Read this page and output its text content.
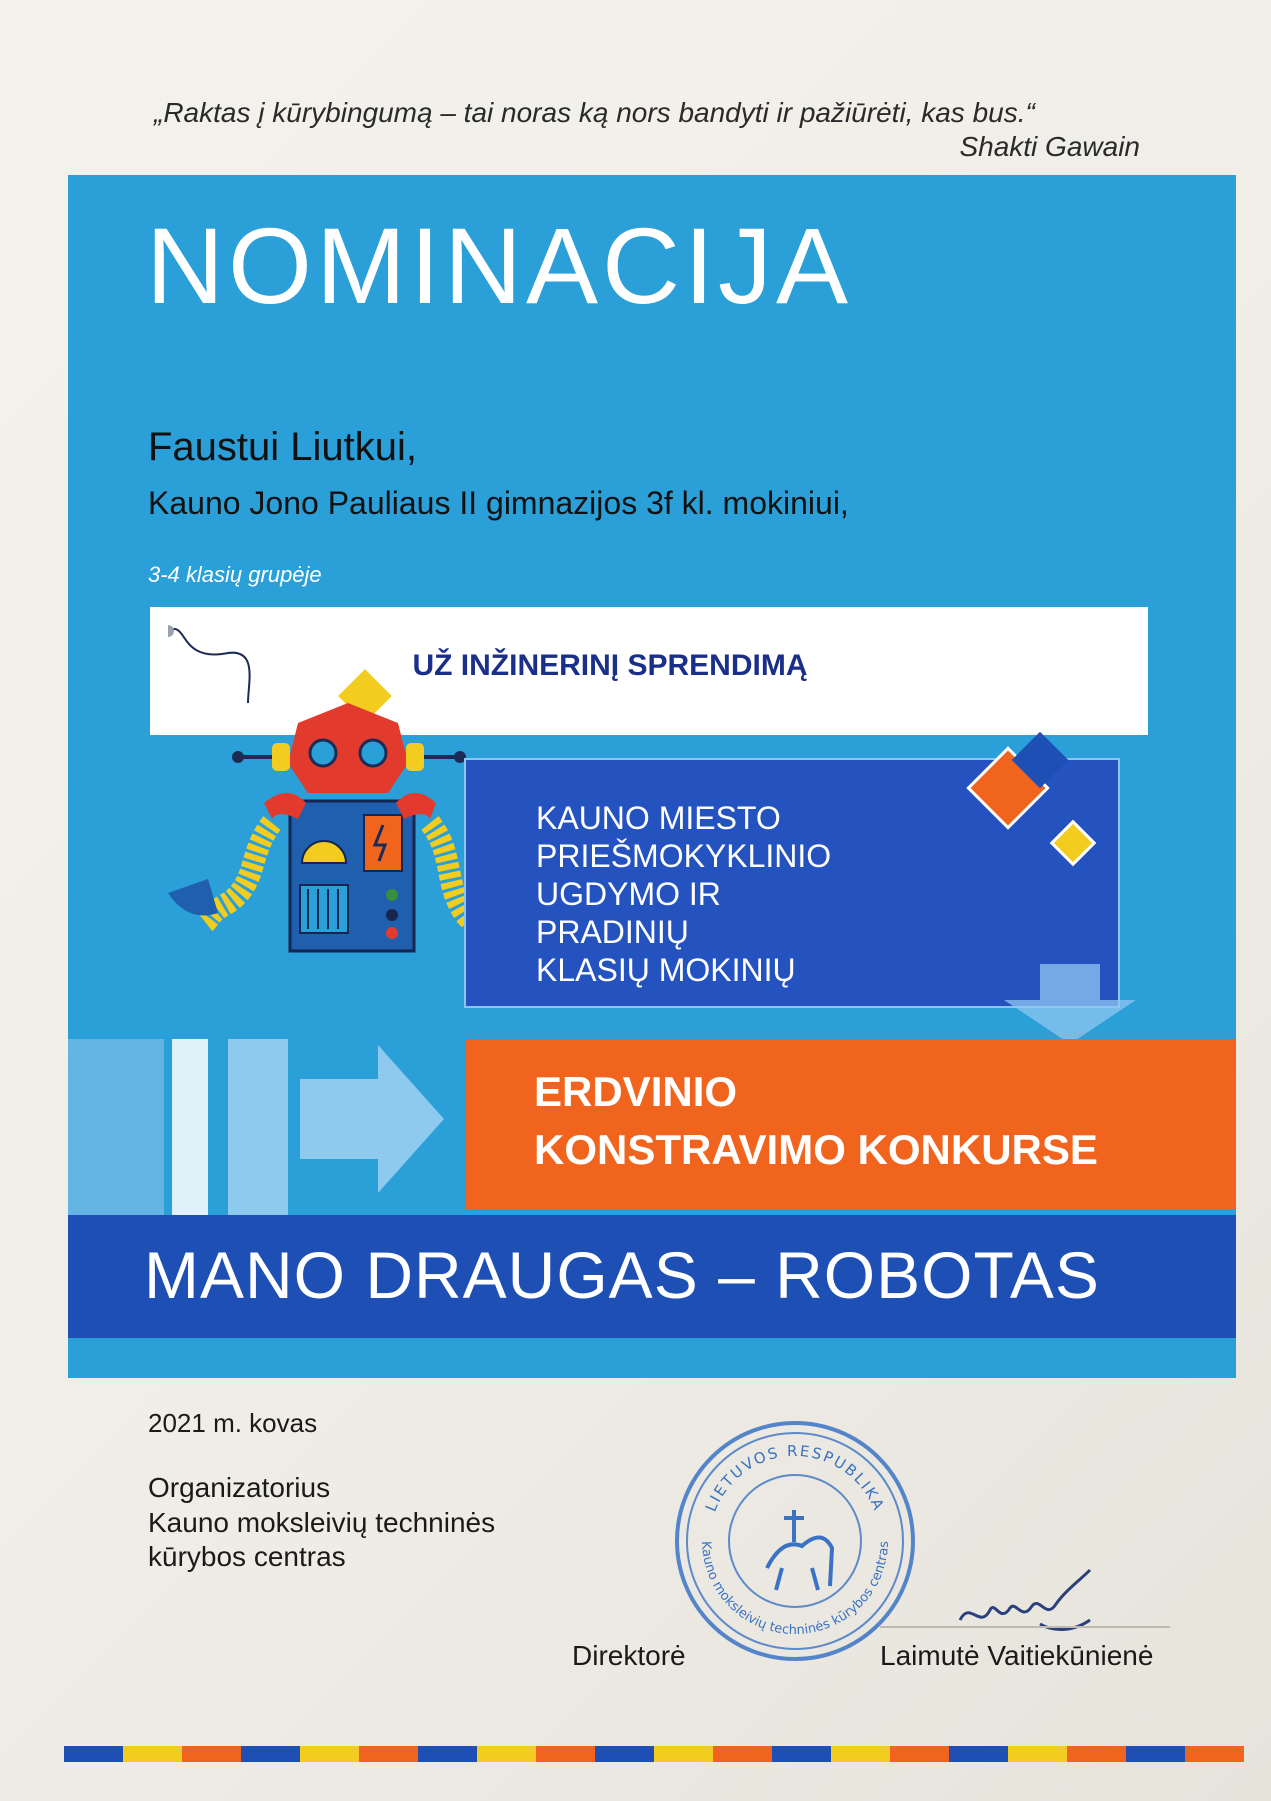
„Raktas į kūrybingumą – tai noras ką nors bandyti ir pažiūrėti, kas bus.“
Shakti Gawain
NOMINACIJA
Faustui Liutkui,
Kauno Jono Pauliaus II gimnazijos 3f kl. mokiniui,
3-4 klasių grupėje
UŽ INŽINERINĮ SPRENDIMĄ
KAUNO MIESTO
PRIEŠMOKYKLINIO
UGDYMO IR
PRADINIŲ
KLASIŲ MOKINIŲ
ERDVINIO
KONSTRAVIMO KONKURSE
MANO DRAUGAS – ROBOTAS
2021 m. kovas
Organizatorius
Kauno moksleivių techninės kūrybos centras
LIETUVOS RESPUBLIKA
Kauno moksleivių techninės kūrybos centras
Direktorė	Laimutė Vaitiekūnienė
